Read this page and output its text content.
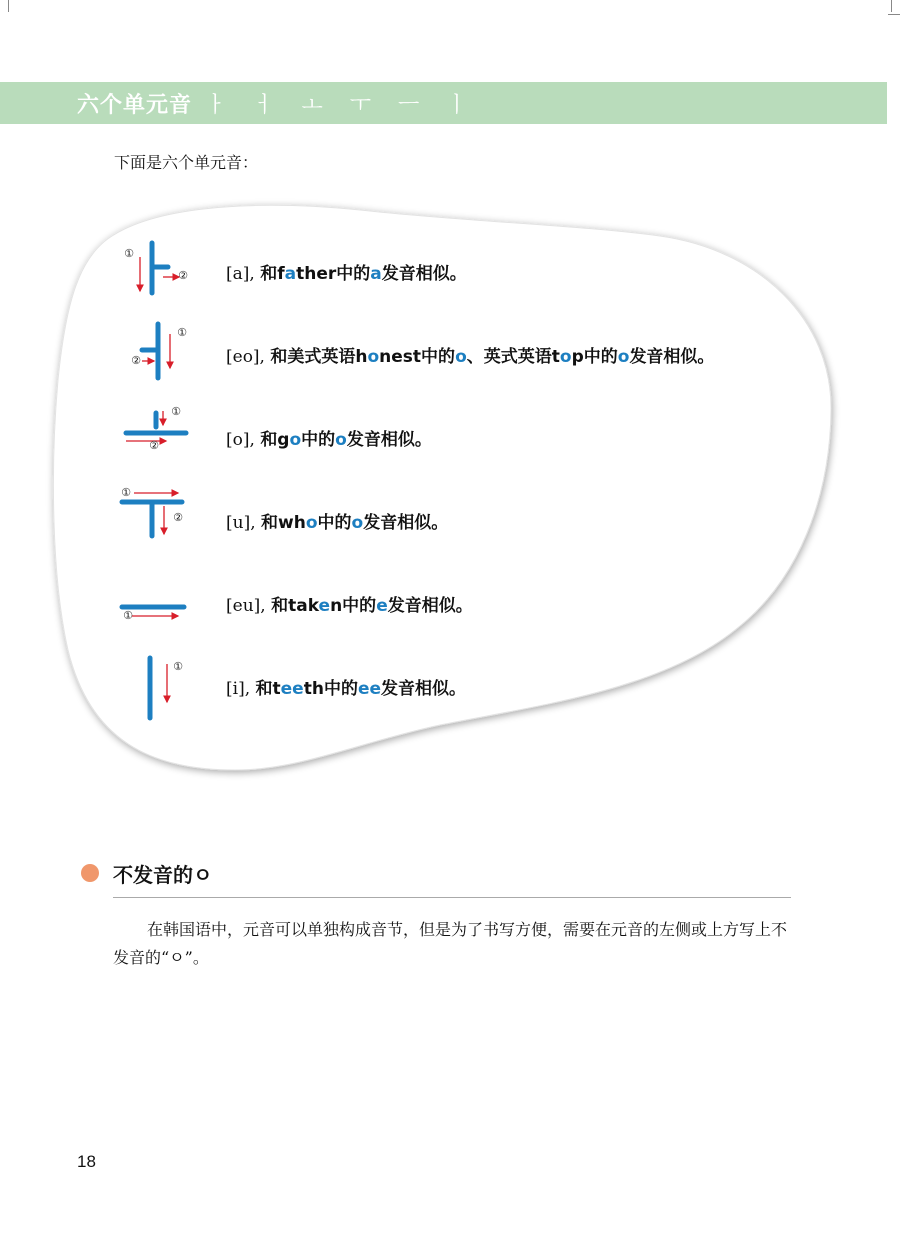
六个单元音 ㅏ ㅓ ㅗ ㅜ ㅡ ㅣ
下面是六个单元音：
①
② [a], 和father中的a发音相似。
①
②	[eo], 和美式英语honest中的o、英式英语top中的o发音相似。
①
②	[o], 和go中的o发音相似。
①
②	[u], 和who中的o发音相似。
①	[eu], 和taken中的e发音相似。
①
[i], 和teeth中的ee发音相似。
不发音的ㅇ
在韩国语中，元音可以单独构成音节，但是为了书写方便，需要在元音的左侧或上方写上不发音的“ㅇ”。
18
